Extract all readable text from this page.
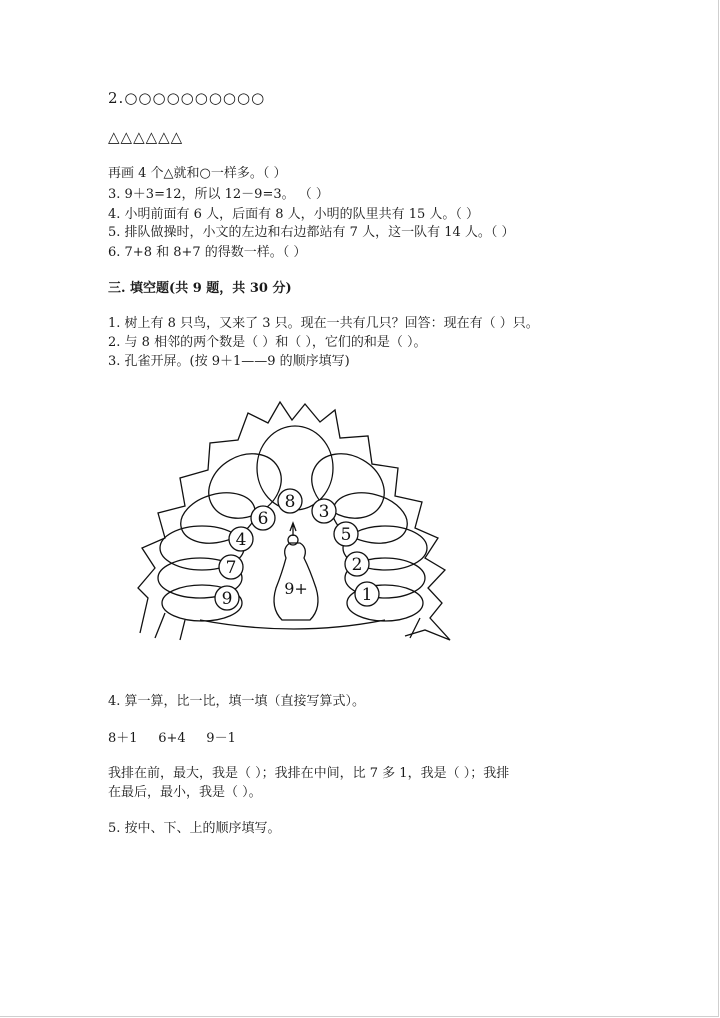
2.○○○○○○○○○○
△△△△△△
再画 4 个△就和○一样多。（ ）
3. 9＋3=12，所以 12－9=3。 （ ）
4. 小明前面有 6 人，后面有 8 人，小明的队里共有 15 人。（ ）
5. 排队做操时，小文的左边和右边都站有 7 人，这一队有 14 人。（ ）
6. 7+8 和 8+7 的得数一样。（ ）
三. 填空题(共 9 题，共 30 分)
1. 树上有 8 只鸟，又来了 3 只。现在一共有几只？回答：现在有（ ）只。
2. 与 8 相邻的两个数是（ ）和（ ），它们的和是（ ）。
3. 孔雀开屏。(按 9＋1——9 的顺序填写)
8
6	3
4	5
7	2
9	1
9+
4. 算一算，比一比，填一填（直接写算式）。
8＋1     6+4     9－1
我排在前，最大，我是（ ）；我排在中间，比 7 多 1，我是（ ）；我排
在最后，最小，我是（ ）。
5. 按中、下、上的顺序填写。
